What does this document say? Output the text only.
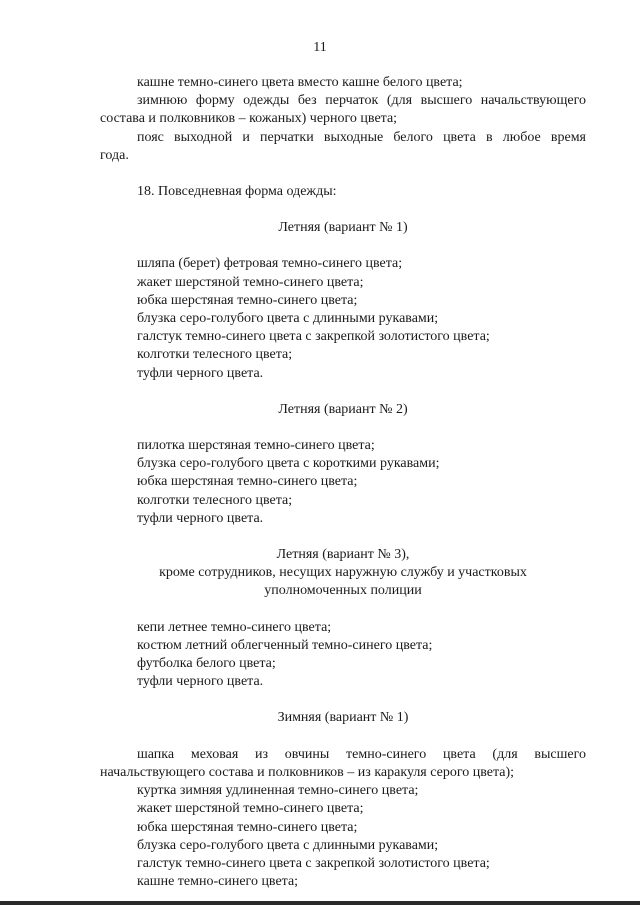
11
кашне темно-синего цвета вместо кашне белого цвета;
зимнюю форму одежды без перчаток (для высшего начальствующего
состава и полковников – кожаных) черного цвета;
пояс выходной и перчатки выходные белого цвета в любое время
года.
18. Повседневная форма одежды:
Летняя (вариант № 1)
шляпа (берет) фетровая темно-синего цвета;
жакет шерстяной темно-синего цвета;
юбка шерстяная темно-синего цвета;
блузка серо-голубого цвета с длинными рукавами;
галстук темно-синего цвета с закрепкой золотистого цвета;
колготки телесного цвета;
туфли черного цвета.
Летняя (вариант № 2)
пилотка шерстяная темно-синего цвета;
блузка серо-голубого цвета с короткими рукавами;
юбка шерстяная темно-синего цвета;
колготки телесного цвета;
туфли черного цвета.
Летняя (вариант № 3),
кроме сотрудников, несущих наружную службу и участковых
уполномоченных полиции
кепи летнее темно-синего цвета;
костюм летний облегченный темно-синего цвета;
футболка белого цвета;
туфли черного цвета.
Зимняя (вариант № 1)
шапка меховая из овчины темно-синего цвета (для высшего
начальствующего состава и полковников – из каракуля серого цвета);
куртка зимняя удлиненная темно-синего цвета;
жакет шерстяной темно-синего цвета;
юбка шерстяная темно-синего цвета;
блузка серо-голубого цвета с длинными рукавами;
галстук темно-синего цвета с закрепкой золотистого цвета;
кашне темно-синего цвета;
